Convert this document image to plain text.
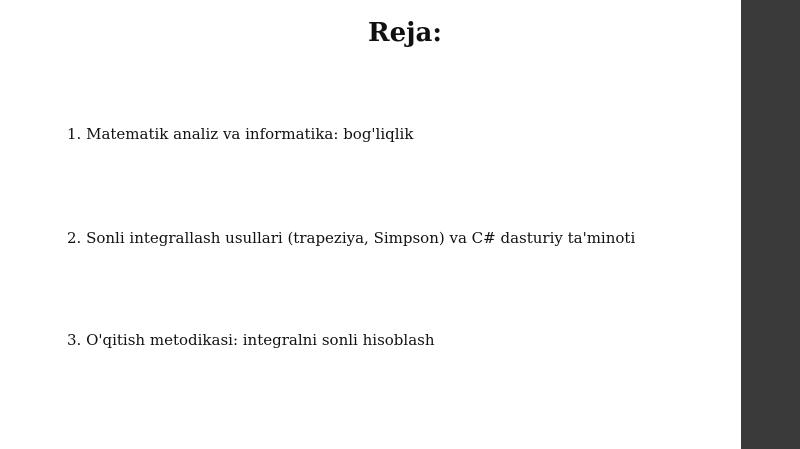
Reja:

1. Matematik analiz va informatika: bog'liqlik

2. Sonli integrallash usullari (trapeziya, Simpson) va C# dasturiy ta'minoti

3. O'qitish metodikasi: integralni sonli hisoblash
